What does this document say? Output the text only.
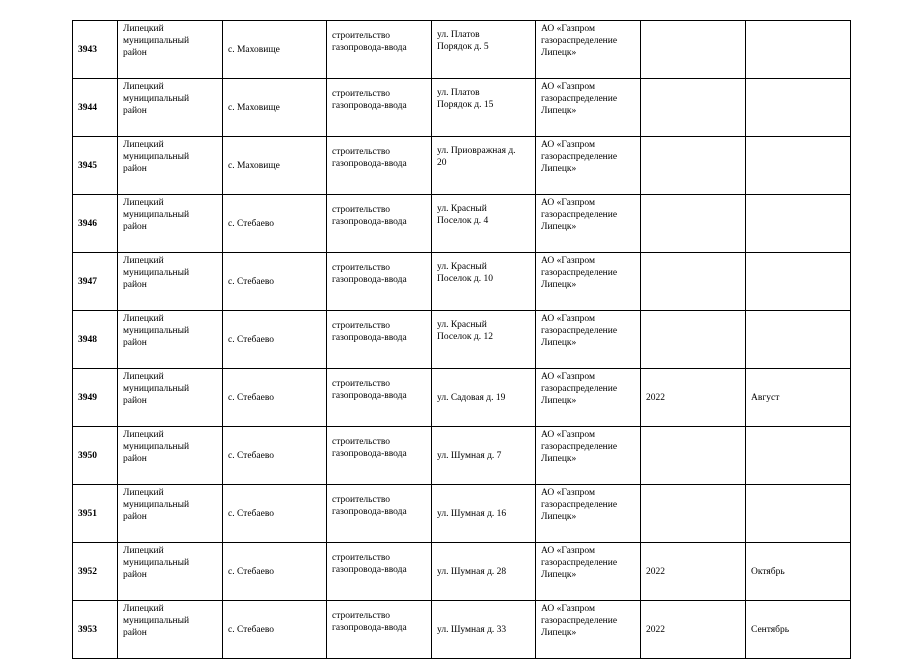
3943	Липецкий
муниципальный
район	с. Маховище	строительство
газопровода-ввода	ул. Платов
Порядок д. 5	АО «Газпром
газораспределение
Липецк»		

3944	Липецкий
муниципальный
район	с. Маховище	строительство
газопровода-ввода	ул. Платов
Порядок д. 15	АО «Газпром
газораспределение
Липецк»		

3945	Липецкий
муниципальный
район	с. Маховище	строительство
газопровода-ввода	ул. Приовражная д.
20	АО «Газпром
газораспределение
Липецк»		

3946	Липецкий
муниципальный
район	с. Стебаево	строительство
газопровода-ввода	ул. Красный
Поселок д. 4	АО «Газпром
газораспределение
Липецк»		

3947	Липецкий
муниципальный
район	с. Стебаево	строительство
газопровода-ввода	ул. Красный
Поселок д. 10	АО «Газпром
газораспределение
Липецк»		

3948	Липецкий
муниципальный
район	с. Стебаево	строительство
газопровода-ввода	ул. Красный
Поселок д. 12	АО «Газпром
газораспределение
Липецк»		

3949	Липецкий
муниципальный
район	с. Стебаево	строительство
газопровода-ввода	ул. Садовая д. 19	АО «Газпром
газораспределение
Липецк»	2022	Август
3950	Липецкий
муниципальный
район	с. Стебаево	строительство
газопровода-ввода	ул. Шумная д. 7	АО «Газпром
газораспределение
Липецк»		

3951	Липецкий
муниципальный
район	с. Стебаево	строительство
газопровода-ввода	ул. Шумная д. 16	АО «Газпром
газораспределение
Липецк»		

3952	Липецкий
муниципальный
район	с. Стебаево	строительство
газопровода-ввода	ул. Шумная д. 28	АО «Газпром
газораспределение
Липецк»	2022	Октябрь
3953	Липецкий
муниципальный
район	с. Стебаево	строительство
газопровода-ввода	ул. Шумная д. 33	АО «Газпром
газораспределение
Липецк»	2022	Сентябрь
